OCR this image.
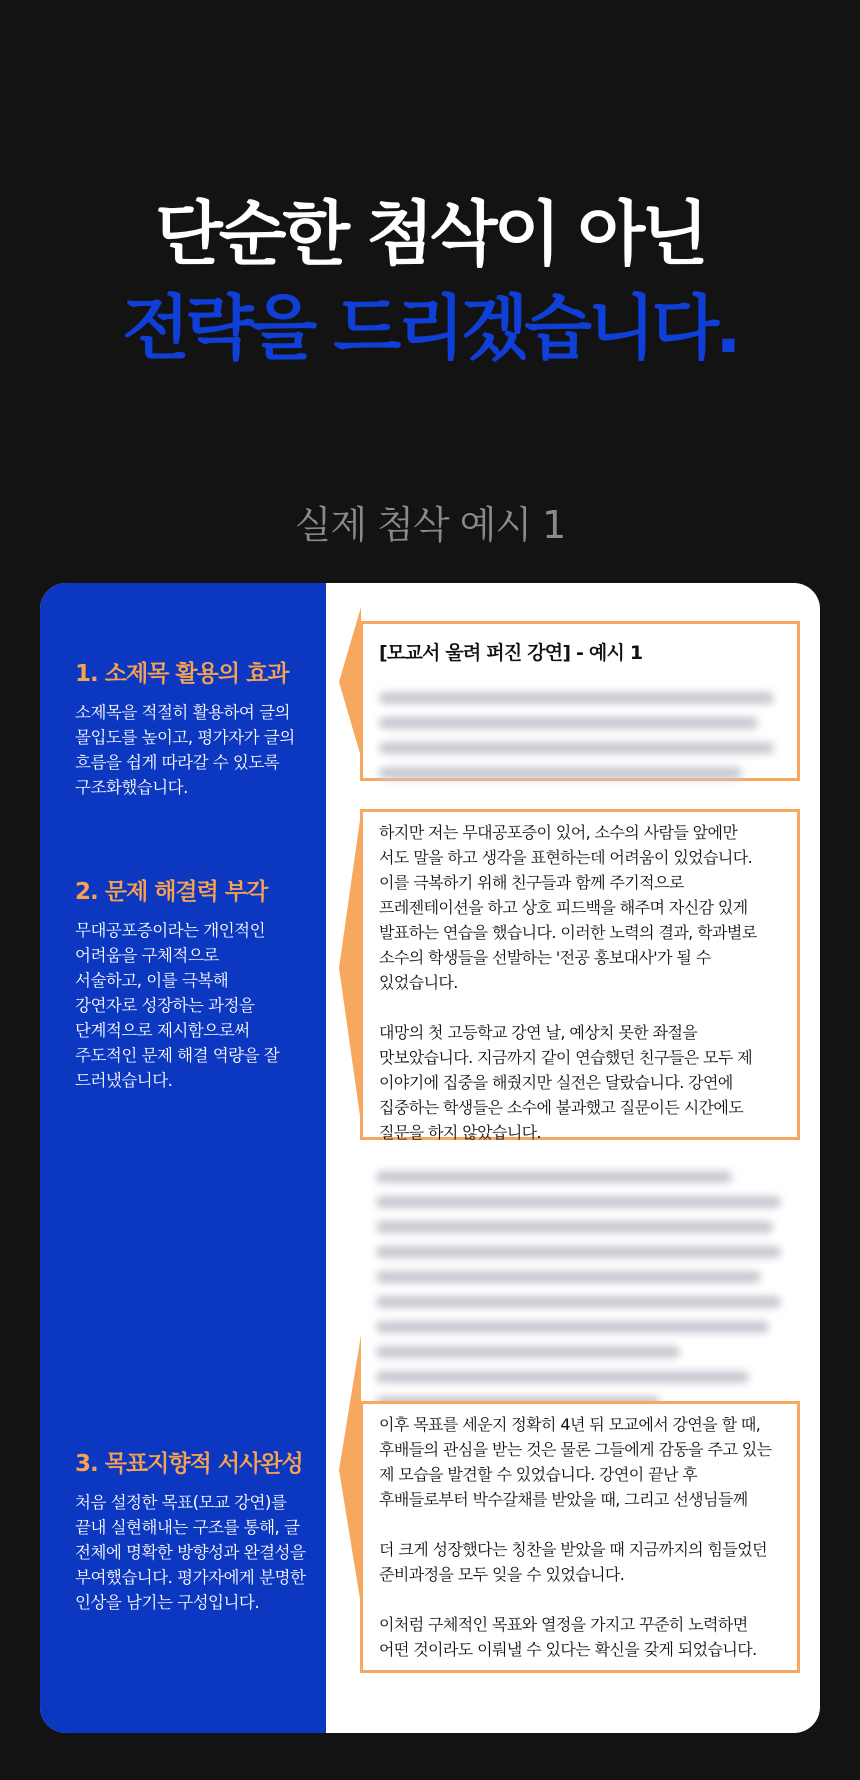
단순한 첨삭이 아닌
전략을 드리겠습니다.
실제 첨삭 예시 1
1. 소제목 활용의 효과
소제목을 적절히 활용하여 글의
몰입도를 높이고, 평가자가 글의
흐름을 쉽게 따라갈 수 있도록
구조화했습니다.
2. 문제 해결력 부각
무대공포증이라는 개인적인
어려움을 구체적으로
서술하고, 이를 극복해
강연자로 성장하는 과정을
단계적으로 제시함으로써
주도적인 문제 해결 역량을 잘
드러냈습니다.
3. 목표지향적 서사완성
처음 설정한 목표(모교 강연)를
끝내 실현해내는 구조를 통해, 글
전체에 명확한 방향성과 완결성을
부여했습니다. 평가자에게 분명한
인상을 남기는 구성입니다.
[모교서 울려 퍼진 강연] - 예시 1
하지만 저는 무대공포증이 있어, 소수의 사람들 앞에만
서도 말을 하고 생각을 표현하는데 어려움이 있었습니다.
이를 극복하기 위해 친구들과 함께 주기적으로
프레젠테이션을 하고 상호 피드백을 해주며 자신감 있게
발표하는 연습을 했습니다. 이러한 노력의 결과, 학과별로
소수의 학생들을 선발하는 '전공 홍보대사'가 될 수
있었습니다.

대망의 첫 고등학교 강연 날, 예상치 못한 좌절을
맛보았습니다. 지금까지 같이 연습했던 친구들은 모두 제
이야기에 집중을 해줬지만 실전은 달랐습니다. 강연에
집중하는 학생들은 소수에 불과했고 질문이든 시간에도
질문을 하지 않았습니다.
이후 목표를 세운지 정확히 4년 뒤 모교에서 강연을 할 때,
후배들의 관심을 받는 것은 물론 그들에게 감동을 주고 있는
제 모습을 발견할 수 있었습니다. 강연이 끝난 후
후배들로부터 박수갈채를 받았을 때, 그리고 선생님들께

더 크게 성장했다는 칭찬을 받았을 때 지금까지의 힘들었던
준비과정을 모두 잊을 수 있었습니다.

이처럼 구체적인 목표와 열정을 가지고 꾸준히 노력하면
어떤 것이라도 이뤄낼 수 있다는 확신을 갖게 되었습니다.
